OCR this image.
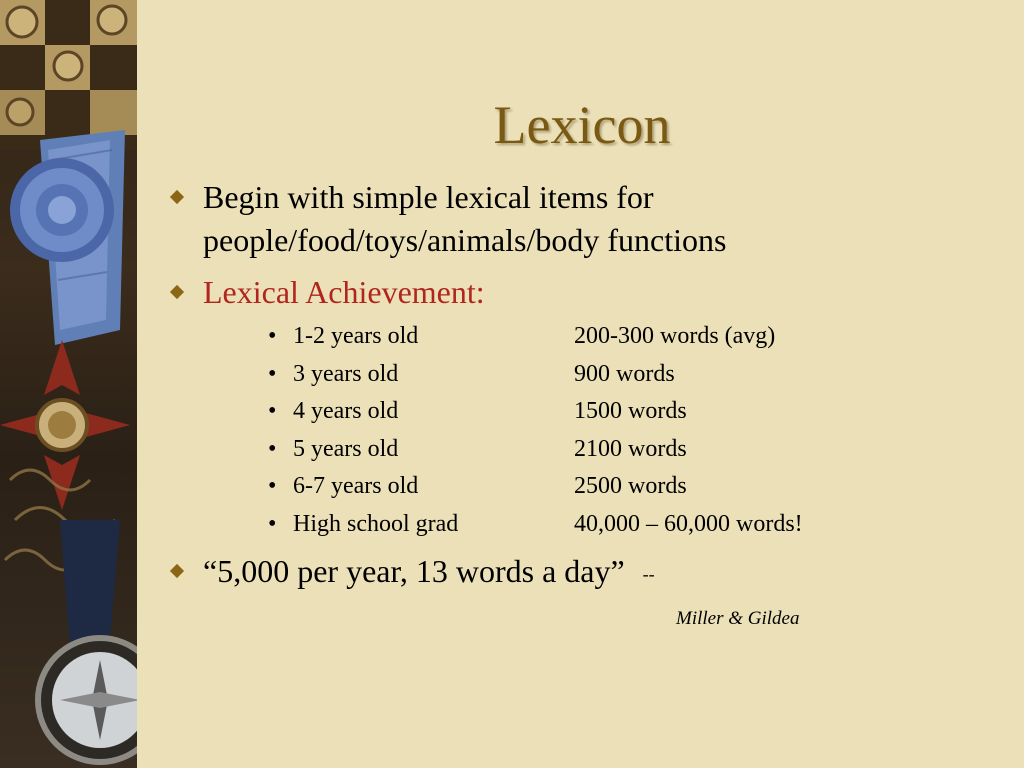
Lexicon
Begin with simple lexical items for people/food/toys/animals/body functions
Lexical Achievement:
“5,000 per year, 13 words a day” --
• 1-2 years old	200-300 words (avg)
• 3 years old	900 words
• 4 years old	1500 words
• 5 years old	2100 words
• 6-7 years old	2500 words
• High school grad	40,000 – 60,000 words!
Miller & Gildea
